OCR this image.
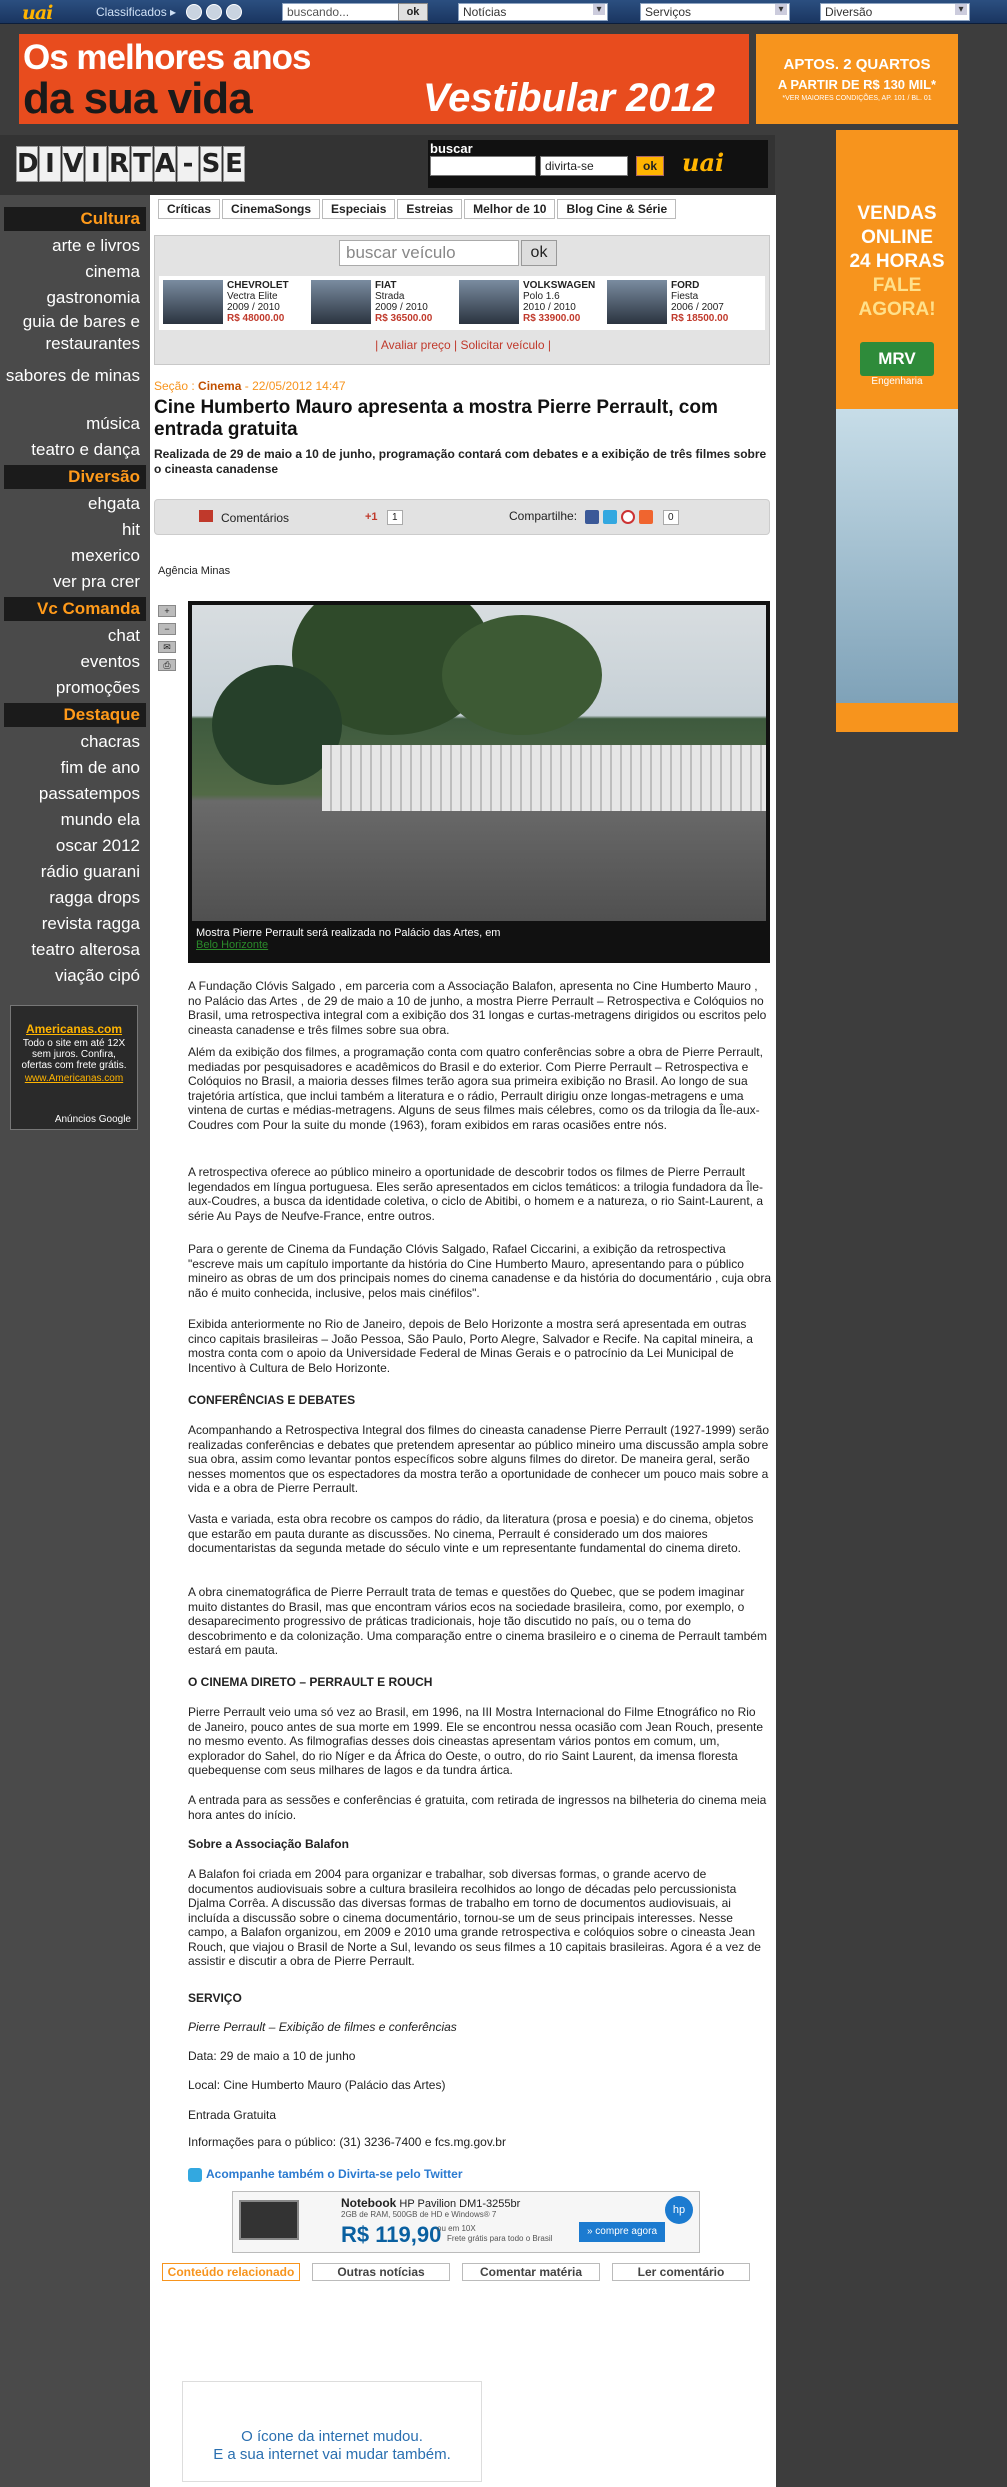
uai	Classificados ▸	buscando...	ok	Notícias ▾	Serviços ▾	Diversão ▾
Os melhores anos
da sua vida	Vestibular 2012
APTOS. 2 QUARTOS
A PARTIR DE R$ 130 MIL*
*VER MAIORES CONDIÇÕES, AP. 101 / BL. 01
D I V I R T A - S E
buscar
divirta-se	ok uai
Cultura
arte e livros
cinema
gastronomia
guia de bares e restaurantes
sabores de minas
música
teatro e dança
Diversão
ehgata
hit
mexerico
ver pra crer
Vc Comanda
chat
eventos
promoções
Destaque
chacras
fim de ano
passatempos
mundo ela
oscar 2012
rádio guarani
ragga drops
revista ragga
teatro alterosa
viação cipó
Americanas.com
Todo o site em até 12X sem juros. Confira, ofertas com frete grátis.
www.Americanas.com
Anúncios Google
Críticas	CinemaSongs	Especiais	Estreias	Melhor de 10	Blog Cine & Série
buscar veículo	ok
CHEVROLET
Vectra Elite
2009 / 2010
R$ 48000.00
FIAT
Strada
2009 / 2010
R$ 36500.00
VOLKSWAGEN
Polo 1.6
2010 / 2010
R$ 33900.00
FORD
Fiesta
2006 / 2007
R$ 18500.00
| Avaliar preço | Solicitar veículo |
Seção : Cinema - 22/05/2012 14:47
Cine Humberto Mauro apresenta a mostra Pierre Perrault, com entrada gratuita
Realizada de 29 de maio a 10 de junho, programação contará com debates e a exibição de três filmes sobre o cineasta canadense
Comentários	+1	1	Compartilhe:	0
Agência Minas
+
−
✉
⎙
Mostra Pierre Perrault será realizada no Palácio das Artes, em
Belo Horizonte
A Fundação Clóvis Salgado , em parceria com a Associação Balafon, apresenta no Cine Humberto Mauro , no Palácio das Artes , de 29 de maio a 10 de junho, a mostra Pierre Perrault – Retrospectiva e Colóquios no Brasil, uma retrospectiva integral com a exibição dos 31 longas e curtas-metragens dirigidos ou escritos pelo cineasta canadense e três filmes sobre sua obra.
Além da exibição dos filmes, a programação conta com quatro conferências sobre a obra de Pierre Perrault, mediadas por pesquisadores e acadêmicos do Brasil e do exterior. Com Pierre Perrault – Retrospectiva e Colóquios no Brasil, a maioria desses filmes terão agora sua primeira exibição no Brasil. Ao longo de sua trajetória artística, que inclui também a literatura e o rádio, Perrault dirigiu onze longas-metragens e uma vintena de curtas e médias-metragens. Alguns de seus filmes mais célebres, como os da trilogia da Île-aux-Coudres com Pour la suite du monde (1963), foram exibidos em raras ocasiões entre nós.
A retrospectiva oferece ao público mineiro a oportunidade de descobrir todos os filmes de Pierre Perrault legendados em língua portuguesa. Eles serão apresentados em ciclos temáticos: a trilogia fundadora da Île-aux-Coudres, a busca da identidade coletiva, o ciclo de Abitibi, o homem e a natureza, o rio Saint-Laurent, a série Au Pays de Neufve-France, entre outros.
Para o gerente de Cinema da Fundação Clóvis Salgado, Rafael Ciccarini, a exibição da retrospectiva "escreve mais um capítulo importante da história do Cine Humberto Mauro, apresentando para o público mineiro as obras de um dos principais nomes do cinema canadense e da história do documentário , cuja obra não é muito conhecida, inclusive, pelos mais cinéfilos".
Exibida anteriormente no Rio de Janeiro, depois de Belo Horizonte a mostra será apresentada em outras cinco capitais brasileiras – João Pessoa, São Paulo, Porto Alegre, Salvador e Recife. Na capital mineira, a mostra conta com o apoio da Universidade Federal de Minas Gerais e o patrocínio da Lei Municipal de Incentivo à Cultura de Belo Horizonte.
CONFERÊNCIAS E DEBATES
Acompanhando a Retrospectiva Integral dos filmes do cineasta canadense Pierre Perrault (1927-1999) serão realizadas conferências e debates que pretendem apresentar ao público mineiro uma discussão ampla sobre sua obra, assim como levantar pontos específicos sobre alguns filmes do diretor. De maneira geral, serão nesses momentos que os espectadores da mostra terão a oportunidade de conhecer um pouco mais sobre a vida e a obra de Pierre Perrault.
Vasta e variada, esta obra recobre os campos do rádio, da literatura (prosa e poesia) e do cinema, objetos que estarão em pauta durante as discussões. No cinema, Perrault é considerado um dos maiores documentaristas da segunda metade do século vinte e um representante fundamental do cinema direto.
A obra cinematográfica de Pierre Perrault trata de temas e questões do Quebec, que se podem imaginar muito distantes do Brasil, mas que encontram vários ecos na sociedade brasileira, como, por exemplo, o desaparecimento progressivo de práticas tradicionais, hoje tão discutido no país, ou o tema do descobrimento e da colonização. Uma comparação entre o cinema brasileiro e o cinema de Perrault também estará em pauta.
O CINEMA DIRETO – PERRAULT E ROUCH
Pierre Perrault veio uma só vez ao Brasil, em 1996, na III Mostra Internacional do Filme Etnográfico no Rio de Janeiro, pouco antes de sua morte em 1999. Ele se encontrou nessa ocasião com Jean Rouch, presente no mesmo evento. As filmografias desses dois cineastas apresentam vários pontos em comum, um, explorador do Sahel, do rio Níger e da África do Oeste, o outro, do rio Saint Laurent, da imensa floresta quebequense com seus milhares de lagos e da tundra ártica.
A entrada para as sessões e conferências é gratuita, com retirada de ingressos na bilheteria do cinema meia hora antes do início.
Sobre a Associação Balafon
A Balafon foi criada em 2004 para organizar e trabalhar, sob diversas formas, o grande acervo de documentos audiovisuais sobre a cultura brasileira recolhidos ao longo de décadas pelo percussionista Djalma Corrêa. A discussão das diversas formas de trabalho em torno de documentos audiovisuais, ai incluída a discussão sobre o cinema documentário, tornou-se um de seus principais interesses. Nesse campo, a Balafon organizou, em 2009 e 2010 uma grande retrospectiva e colóquios sobre o cineasta Jean Rouch, que viajou o Brasil de Norte a Sul, levando os seus filmes a 10 capitais brasileiras. Agora é a vez de assistir e discutir a obra de Pierre Perrault.
SERVIÇO
Pierre Perrault – Exibição de filmes e conferências
Data: 29 de maio a 10 de junho
Local: Cine Humberto Mauro (Palácio das Artes)
Entrada Gratuita
Informações para o público: (31) 3236-7400 e fcs.mg.gov.br
Acompanhe também o Divirta-se pelo Twitter
Notebook HP Pavilion DM1-3255br
2GB de RAM, 500GB de HD e Windows® 7
R$ 119,90
ou em 10X
Frete grátis para todo o Brasil
» compre agora
hp
Conteúdo relacionado	Outras notícias	Comentar matéria	Ler comentário
O ícone da internet mudou.
E a sua internet vai mudar também.
VENDAS
ONLINE
24 HORAS
FALE
AGORA!
MRV
Engenharia
